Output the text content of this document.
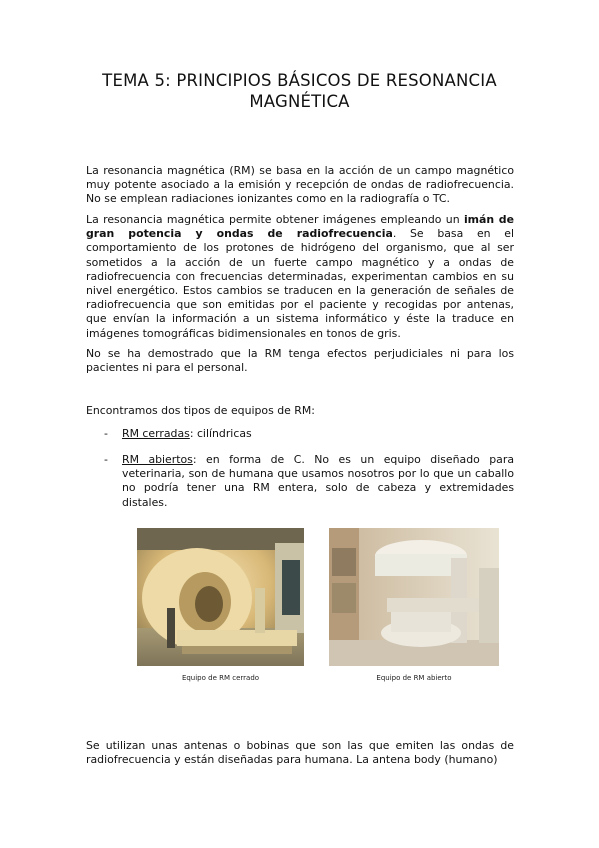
TEMA 5: PRINCIPIOS BÁSICOS DE RESONANCIA
MAGNÉTICA

La resonancia magnética (RM) se basa en la acción de un campo magnético muy potente asociado a la emisión y recepción de ondas de radiofrecuencia. No se emplean radiaciones ionizantes como en la radiografía o TC.

La resonancia magnética permite obtener imágenes empleando un imán de gran potencia y ondas de radiofrecuencia. Se basa en el comportamiento de los protones de hidrógeno del organismo, que al ser sometidos a la acción de un fuerte campo magnético y a ondas de radiofrecuencia con frecuencias determinadas, experimentan cambios en su nivel energético. Estos cambios se traducen en la generación de señales de radiofrecuencia que son emitidas por el paciente y recogidas por antenas, que envían la información a un sistema informático y éste la traduce en imágenes tomográficas bidimensionales en tonos de gris.

No se ha demostrado que la RM tenga efectos perjudiciales ni para los pacientes ni para el personal.

Encontramos dos tipos de equipos de RM:

- RM cerradas: cilíndricas

- RM abiertos: en forma de C. No es un equipo diseñado para veterinaria, son de humana que usamos nosotros por lo que un caballo no podría tener una RM entera, solo de cabeza y extremidades distales.

Equipo de RM cerrado	Equipo de RM abierto

Se utilizan unas antenas o bobinas que son las que emiten las ondas de radiofrecuencia y están diseñadas para humana. La antena body (humano)
